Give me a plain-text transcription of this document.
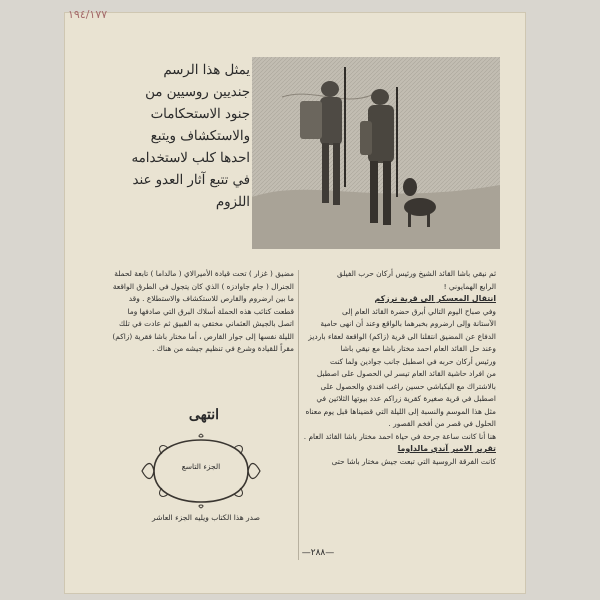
١٩٤/١٧٧
يمثل هذا الرسم
جنديين روسيين من
جنود الاستحكامات
والاستكشاف ويتبع
احدها كلب لاستخدامه
في تتبع آثار العدو عند
اللزوم
ثم نيقي باشا القائد الشيخ ورئيس أركان حرب الفيلق
الرابع الهمايوني !
انتقال المعسكر الى قرية نرزكم
وفي صباح اليوم التالي أبرق حضرة القائد العام إلى
الآستانة وإلى ارضروم بخبرهما بالواقع وعند أن انهى حامية
الدفاع عن المضيق انتقلنا الى قرية (زاكم) الواقعة لعقاء بارديز
وعند حل القائد العام احمد مختار باشا مع نيقي باشا
ورئيس أركان حربه في اصطبل جانب جوادين ولما كنت
من افراد حاشية القائد العام تيسر لي الحصول على اصطبل
بالاشتراك مع البكباشي حسين راغب افندي والحصول على
اصطبل في قرية صغيرة كقرية زراكم عدد بيوتها الثلاثين في
مثل هذا الموسم والنسبة إلى الليلة التي قضيناها قبل يوم معناه
الحلول في قصر من أفخم القصور .
هنا أنا كانت ساعة جرحة في حياة احمد مختار باشا القائد العام .
تقرير الامير آندي مالداوما
كانت الفرقة الروسية التي تبعت جيش مختار باشا حتى
مضيق ( غزار ) تحت قيادة الأميرالاي ( مالداما ) تابعة لحملة
الجنرال ( جام جاوادزه ) الذي كان يتجول في الطرق الواقعة
ما بين ارضروم والقارص للاستكشاف والاستطلاع . وقد
قطعت كتائب هذه الحملة أسلاك البرق التي صادفها وما
اتصل بالجيش العثماني مختفي به القبيق ثم عادت في تلك
الليلة نفسها إلى جوار القارص ، أما مختار باشا فقرية (زاكم)
مقراً للقيادة وشرع في تنظيم جيشه من هناك .
انتهى
الجزء التاسع
صدر هذا الكتاب ويليه الجزء العاشر
—٢٨٨—
